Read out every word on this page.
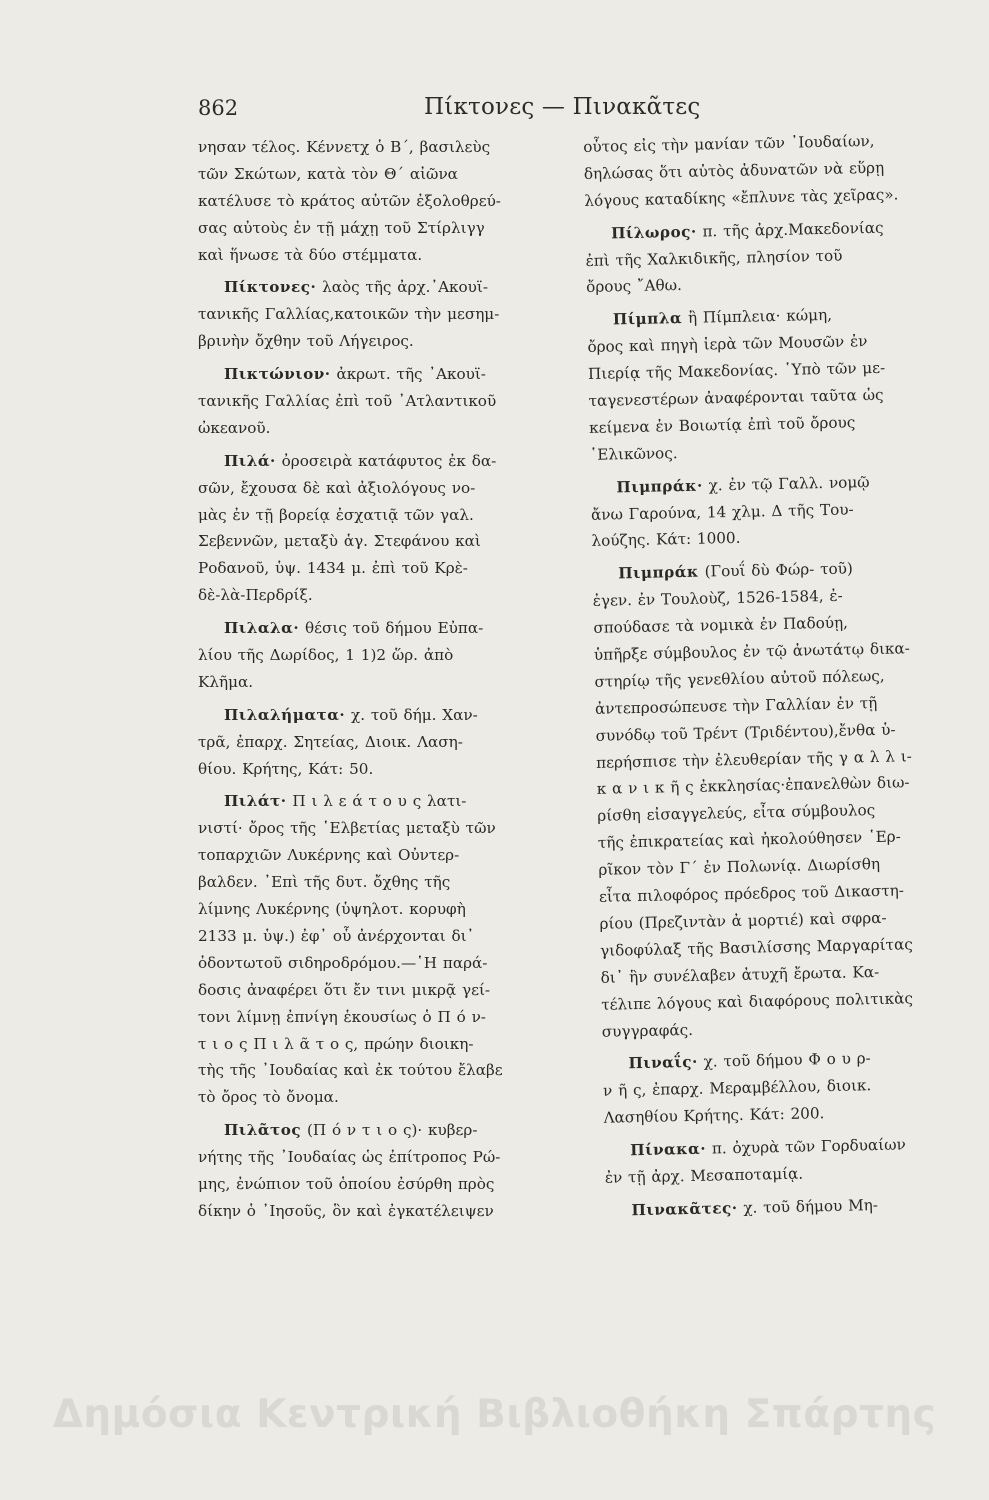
862	Πίκτονες — Πινακᾶτες
νησαν τέλος. Κέννετχ ὁ Β΄, βασιλεὺς
τῶν Σκώτων, κατὰ τὸν Θ΄ αἰῶνα
κατέλυσε τὸ κράτος αὐτῶν ἐξολοθρεύ-
σας αὐτοὺς ἐν τῇ μάχῃ τοῦ Στίρλιγγ
καὶ ἥνωσε τὰ δύο στέμματα.
Πίκτονες· λαὸς τῆς ἀρχ.᾿Ακουϊ-
τανικῆς Γαλλίας,κατοικῶν τὴν μεσημ-
βρινὴν ὄχθην τοῦ Λήγειρος.
Πικτώνιον· ἀκρωτ. τῆς ᾿Ακουϊ-
τανικῆς Γαλλίας ἐπὶ τοῦ ᾿Ατλαντικοῦ
ὠκεανοῦ.
Πιλά· ὀροσειρὰ κατάφυτος ἐκ δα-
σῶν, ἔχουσα δὲ καὶ ἀξιολόγους νο-
μὰς ἐν τῇ βορείᾳ ἐσχατιᾷ τῶν γαλ.
Σεβεννῶν, μεταξὺ ἁγ. Στεφάνου καὶ
Ροδανοῦ, ὑψ. 1434 μ. ἐπὶ τοῦ Κρὲ-
δὲ-λὰ-Περδρίξ.
Πιλαλα· θέσις τοῦ δήμου Εὐπα-
λίου τῆς Δωρίδος, 1 1)2 ὥρ. ἀπὸ
Κλῆμα.
Πιλαλήματα· χ. τοῦ δήμ. Χαν-
τρᾶ, ἐπαρχ. Σητείας, Διοικ. Λαση-
θίου. Κρήτης, Κάτ: 50.
Πιλάτ· Π ι λ ε ά τ ο υ ς λατι-
νιστί· ὄρος τῆς ῾Ελβετίας μεταξὺ τῶν
τοπαρχιῶν Λυκέρνης καὶ Οὐντερ-
βαλδεν. ᾿Επὶ τῆς δυτ. ὄχθης τῆς
λίμνης Λυκέρνης (ὑψηλοτ. κορυφὴ
2133 μ. ὑψ.) ἐφ᾿ οὗ ἀνέρχονται δι᾿
ὀδοντωτοῦ σιδηροδρόμου.—῾Η παρά-
δοσις ἀναφέρει ὅτι ἔν τινι μικρᾷ γεί-
τονι λίμνῃ ἐπνίγη ἑκουσίως ὁ Π ό ν-
τ ι ο ς Π ι λ ᾶ τ ο ς, πρώην διοικη-
τὴς τῆς ᾿Ιουδαίας καὶ ἐκ τούτου ἔλαβε
τὸ ὄρος τὸ ὄνομα.
Πιλᾶτος (Π ό ν τ ι ο ς)· κυβερ-
νήτης τῆς ᾿Ιουδαίας ὡς ἐπίτροπος Ρώ-
μης, ἐνώπιον τοῦ ὁποίου ἐσύρθη πρὸς
δίκην ὁ ᾿Ιησοῦς, ὃν καὶ ἐγκατέλειψεν
οὗτος εἰς τὴν μανίαν τῶν ᾿Ιουδαίων,
δηλώσας ὅτι αὐτὸς ἀδυνατῶν νὰ εὕρῃ
λόγους καταδίκης «ἔπλυνε τὰς χεῖρας».
Πίλωρος· π. τῆς ἀρχ.Μακεδονίας
ἐπὶ τῆς Χαλκιδικῆς, πλησίον τοῦ
ὄρους ῎Αθω.
Πίμπλα ἢ Πίμπλεια· κώμη,
ὄρος καὶ πηγὴ ἱερὰ τῶν Μουσῶν ἐν
Πιερίᾳ τῆς Μακεδονίας. ῾Υπὸ τῶν με-
ταγενεστέρων ἀναφέρονται ταῦτα ὡς
κείμενα ἐν Βοιωτίᾳ ἐπὶ τοῦ ὄρους
῾Ελικῶνος.
Πιμπράκ· χ. ἐν τῷ Γαλλ. νομῷ
ἄνω Γαρούνα, 14 χλμ. Δ τῆς Του-
λούζης. Κάτ: 1000.
Πιμπράκ (Γουΐ δὺ Φώρ- τοῦ)
ἐγεν. ἐν Τουλοὺζ, 1526-1584, ἐ-
σπούδασε τὰ νομικὰ ἐν Παδούῃ,
ὑπῆρξε σύμβουλος ἐν τῷ ἀνωτάτῳ δικα-
στηρίῳ τῆς γενεθλίου αὐτοῦ πόλεως,
ἀντεπροσώπευσε τὴν Γαλλίαν ἐν τῇ
συνόδῳ τοῦ Τρέντ (Τριδέντου),ἔνθα ὑ-
περήσπισε τὴν ἐλευθερίαν τῆς γ α λ λ ι-
κ α ν ι κ ῆ ς ἐκκλησίας·ἐπανελθὼν διω-
ρίσθη εἰσαγγελεύς, εἶτα σύμβουλος
τῆς ἐπικρατείας καὶ ἠκολούθησεν ῾Ερ-
ρῖκον τὸν Γ΄ ἐν Πολωνίᾳ. Διωρίσθη
εἶτα πιλοφόρος πρόεδρος τοῦ Δικαστη-
ρίου (Πρεζιντὰν ἀ μορτιέ) καὶ σφρα-
γιδοφύλαξ τῆς Βασιλίσσης Μαργαρίτας
δι᾿ ἣν συνέλαβεν ἀτυχῆ ἔρωτα. Κα-
τέλιπε λόγους καὶ διαφόρους πολιτικὰς
συγγραφάς.
Πιναΐς· χ. τοῦ δήμου Φ ο υ ρ-
ν ῆ ς, ἐπαρχ. Μεραμβέλλου, διοικ.
Λασηθίου Κρήτης. Κάτ: 200.
Πίνακα· π. ὀχυρὰ τῶν Γορδυαίων
ἐν τῇ ἀρχ. Μεσαποταμίᾳ.
Πινακᾶτες· χ. τοῦ δήμου Μη-
Δημόσια Κεντρική Βιβλιοθήκη Σπάρτης
